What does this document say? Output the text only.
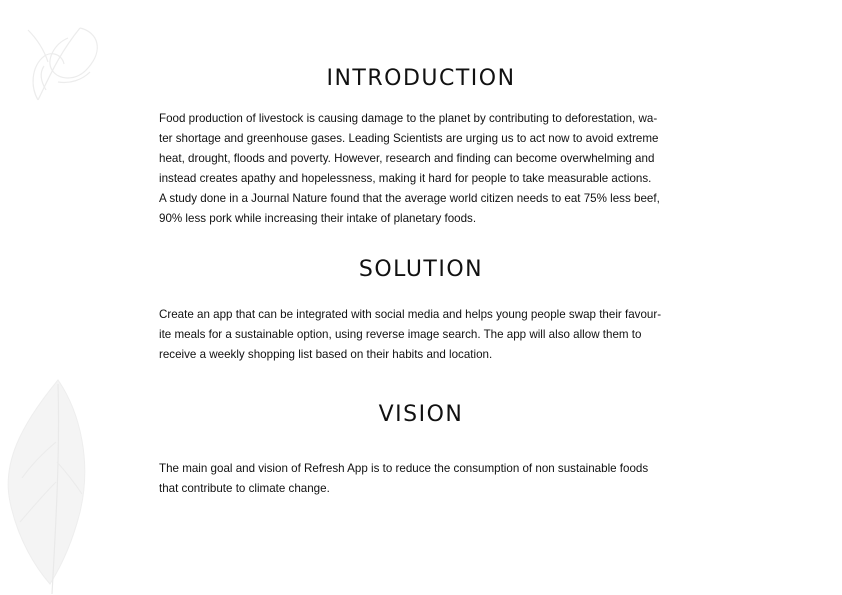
INTRODUCTION

Food production of livestock is causing damage to the planet by contributing to deforestation, wa-
ter shortage and greenhouse gases. Leading Scientists are urging us to act now to avoid extreme
heat, drought, floods and poverty. However, research and finding can become overwhelming and
instead creates apathy and hopelessness, making it hard for people to take measurable actions.
A study done in a Journal Nature found that the average world citizen needs to eat 75% less beef,
90% less pork while increasing their intake of planetary foods.

SOLUTION

Create an app that can be integrated with social media and helps young people swap their favour-
ite meals for a sustainable option, using reverse image search. The app will also allow them to
receive a weekly shopping list based on their habits and location.

VISION

The main goal and vision of Refresh App is to reduce the consumption of non sustainable foods
that contribute to climate change.
